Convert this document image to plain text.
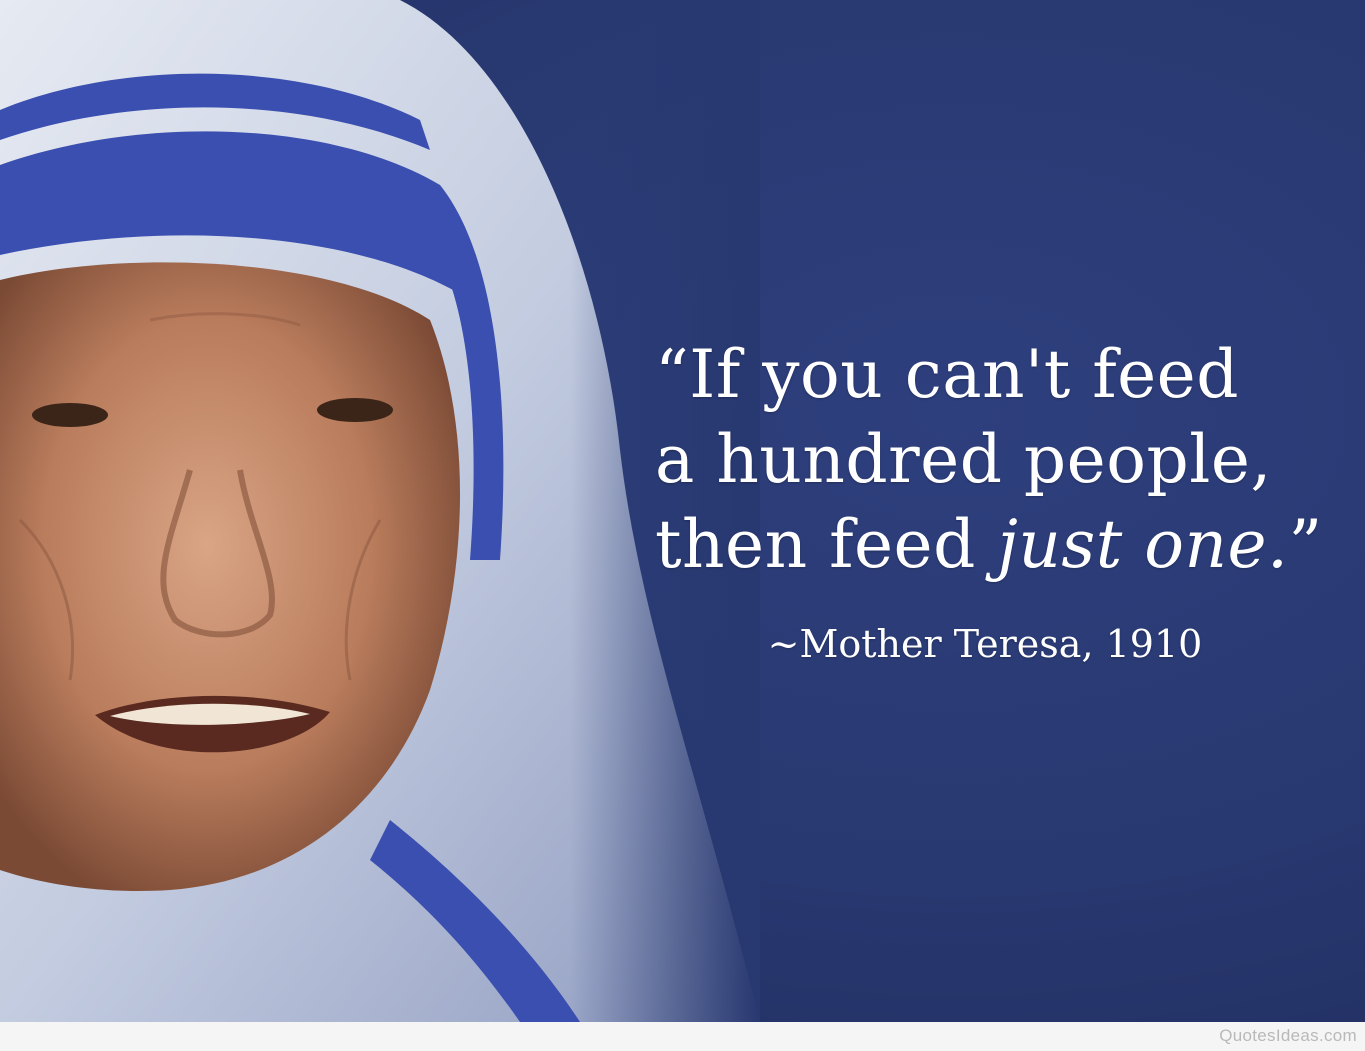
“If you can't feed
a hundred people,
then feed just one.”
~Mother Teresa, 1910
QuotesIdeas.com
